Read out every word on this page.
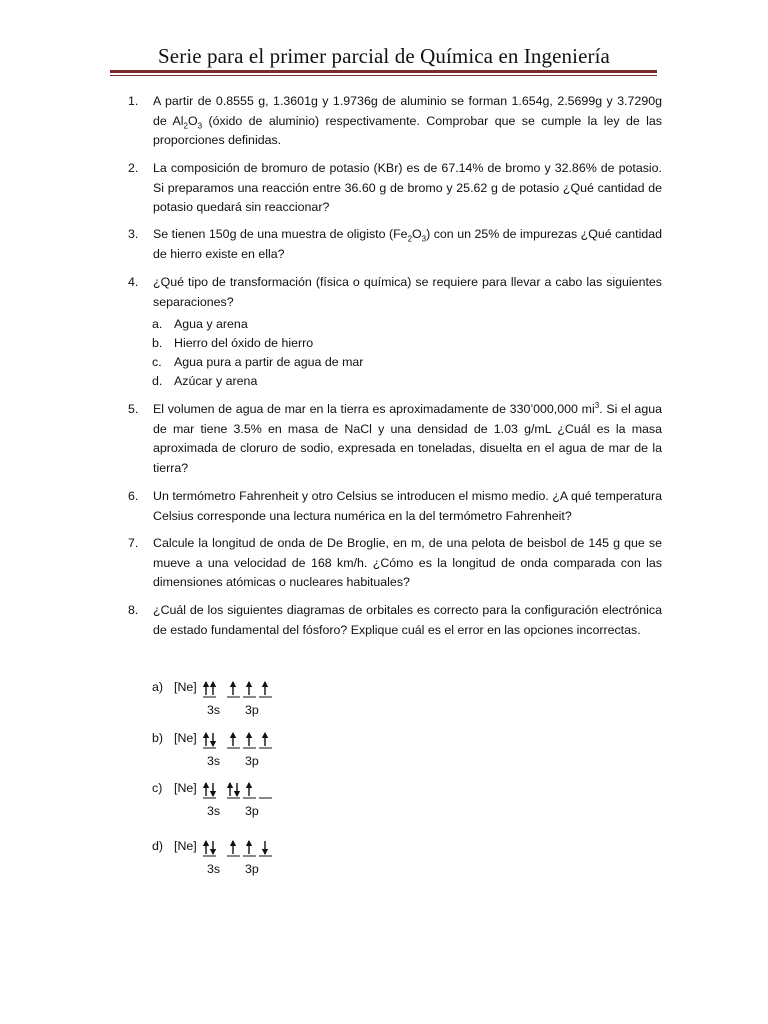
Serie para el primer parcial de Química en Ingeniería
1.	A partir de 0.8555 g, 1.3601g y 1.9736g de aluminio se forman 1.654g, 2.5699g y 3.7290g de $Al_2O_3$ (óxido de aluminio) respectivamente. Comprobar que se cumple la ley de las proporciones definidas.
2.	La composición de bromuro de potasio (KBr) es de 67.14% de bromo y 32.86% de potasio. Si preparamos una reacción entre 36.60 g de bromo y 25.62 g de potasio ¿Qué cantidad de potasio quedará sin reaccionar?
3.	Se tienen 150g de una muestra de oligisto $(Fe_2O_3)$ con un 25% de impurezas ¿Qué cantidad de hierro existe en ella?
4.	¿Qué tipo de transformación (física o química) se requiere para llevar a cabo las siguientes separaciones?
a. Agua y arena
b. Hierro del óxido de hierro
c. Agua pura a partir de agua de mar
d. Azúcar y arena
5.	El volumen de agua de mar en la tierra es aproximadamente de 330’000,000 $mi^3$. Si el agua de mar tiene 3.5% en masa de NaCl y una densidad de 1.03 g/mL ¿Cuál es la masa aproximada de cloruro de sodio, expresada en toneladas, disuelta en el agua de mar de la tierra?
6.	Un termómetro Fahrenheit y otro Celsius se introducen el mismo medio. ¿A qué temperatura Celsius corresponde una lectura numérica en la del termómetro Fahrenheit?
7.	Calcule la longitud de onda de De Broglie, en m, de una pelota de beisbol de 145 g que se mueve a una velocidad de 168 km/h. ¿Cómo es la longitud de onda comparada con las dimensiones atómicas o nucleares habituales?
8.	¿Cuál de los siguientes diagramas de orbitales es correcto para la configuración electrónica de estado fundamental del fósforo? Explique cuál es el error en las opciones incorrectas.
a) [Ne]
3s 3p
b) [Ne]
3s 3p
c) [Ne]
3s 3p
d) [Ne]
3s 3p
